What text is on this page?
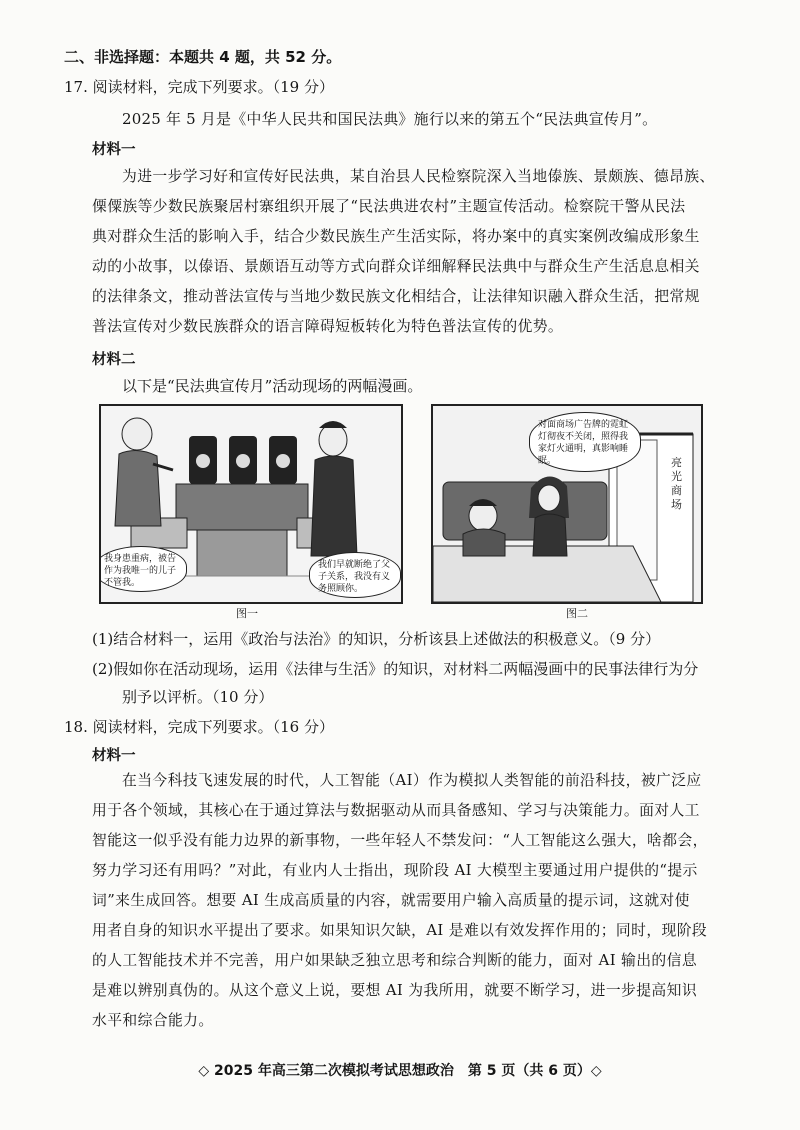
二、非选择题：本题共 4 题，共 52 分。
17. 阅读材料，完成下列要求。（19 分）
2025 年 5 月是《中华人民共和国民法典》施行以来的第五个“民法典宣传月”。
材料一
为进一步学习好和宣传好民法典，某自治县人民检察院深入当地傣族、景颇族、德昂族、
傈僳族等少数民族聚居村寨组织开展了“民法典进农村”主题宣传活动。检察院干警从民法
典对群众生活的影响入手，结合少数民族生产生活实际，将办案中的真实案例改编成形象生
动的小故事，以傣语、景颇语互动等方式向群众详细解释民法典中与群众生产生活息息相关
的法律条文，推动普法宣传与当地少数民族文化相结合，让法律知识融入群众生活，把常规
普法宣传对少数民族群众的语言障碍短板转化为特色普法宣传的优势。
材料二
以下是“民法典宣传月”活动现场的两幅漫画。
我身患重病，被告作为我唯一的儿子不管我。
我们早就断绝了父子关系，我没有义务照顾你。
图一
对面商场广告牌的霓虹灯彻夜不关闭，照得我家灯火通明，真影响睡眠。	亮光商场
图二
(1)结合材料一，运用《政治与法治》的知识，分析该县上述做法的积极意义。（9 分）
(2)假如你在活动现场，运用《法律与生活》的知识，对材料二两幅漫画中的民事法律行为分
别予以评析。（10 分）
18. 阅读材料，完成下列要求。（16 分）
材料一
在当今科技飞速发展的时代，人工智能（AI）作为模拟人类智能的前沿科技，被广泛应
用于各个领域，其核心在于通过算法与数据驱动从而具备感知、学习与决策能力。面对人工
智能这一似乎没有能力边界的新事物，一些年轻人不禁发问：“人工智能这么强大，啥都会，
努力学习还有用吗？”对此，有业内人士指出，现阶段 AI 大模型主要通过用户提供的“提示
词”来生成回答。想要 AI 生成高质量的内容，就需要用户输入高质量的提示词，这就对使
用者自身的知识水平提出了要求。如果知识欠缺，AI 是难以有效发挥作用的；同时，现阶段
的人工智能技术并不完善，用户如果缺乏独立思考和综合判断的能力，面对 AI 输出的信息
是难以辨别真伪的。从这个意义上说，要想 AI 为我所用，就要不断学习，进一步提高知识
水平和综合能力。
◇ 2025 年高三第二次模拟考试思想政治　第 5 页（共 6 页）◇
